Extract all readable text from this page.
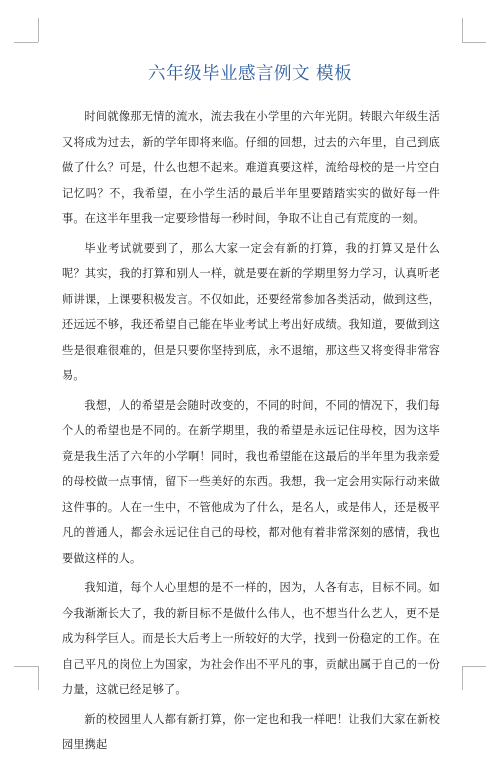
六年级毕业感言例文 模板

时间就像那无情的流水，流去我在小学里的六年光阴。转眼六年级生活又将成为过去，新的学年即将来临。仔细的回想，过去的六年里，自己到底做了什么？可是，什么也想不起来。难道真要这样，流给母校的是一片空白记忆吗？不，我希望，在小学生活的最后半年里要踏踏实实的做好每一件事。在这半年里我一定要珍惜每一秒时间，争取不让自己有荒度的一刻。

毕业考试就要到了，那么大家一定会有新的打算，我的打算又是什么呢？其实，我的打算和别人一样，就是要在新的学期里努力学习，认真听老师讲课，上课要积极发言。不仅如此，还要经常参加各类活动，做到这些，还远远不够，我还希望自己能在毕业考试上考出好成绩。我知道，要做到这些是很难很难的，但是只要你坚持到底，永不退缩，那这些又将变得非常容易。

我想，人的希望是会随时改变的，不同的时间，不同的情况下，我们每个人的希望也是不同的。在新学期里，我的希望是永远记住母校，因为这毕竟是我生活了六年的小学啊！同时，我也希望能在这最后的半年里为我亲爱的母校做一点事情，留下一些美好的东西。我想，我一定会用实际行动来做这件事的。人在一生中，不管他成为了什么，是名人，或是伟人，还是极平凡的普通人，都会永远记住自己的母校，都对他有着非常深刻的感情，我也要做这样的人。

我知道，每个人心里想的是不一样的，因为，人各有志，目标不同。如今我渐渐长大了，我的新目标不是做什么伟人，也不想当什么艺人，更不是成为科学巨人。而是长大后考上一所较好的大学，找到一份稳定的工作。在自己平凡的岗位上为国家，为社会作出不平凡的事，贡献出属于自己的一份力量，这就已经足够了。

新的校园里人人都有新打算，你一定也和我一样吧！让我们大家在新校园里携起
